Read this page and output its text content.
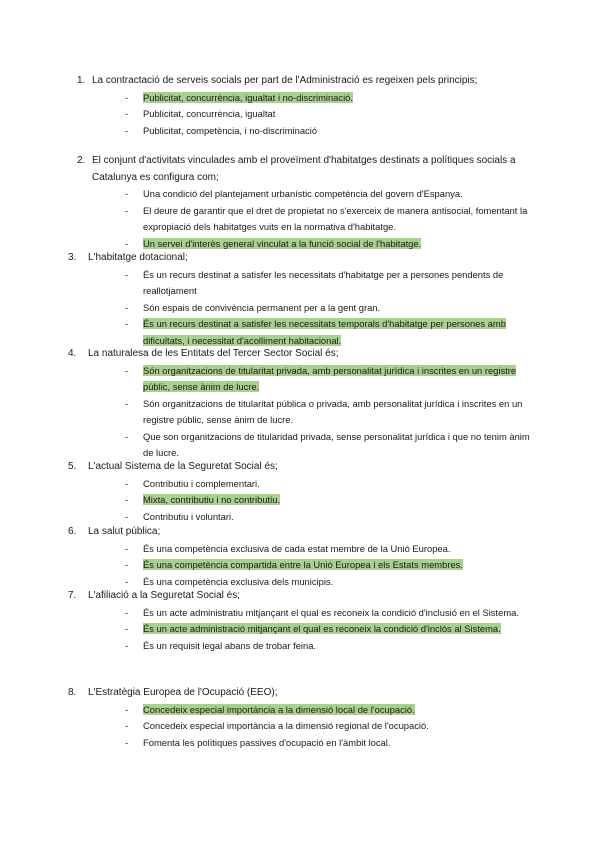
1. La contractació de serveis socials per part de l'Administració es regeixen pels principis;
- Publicitat, concurrència, igualtat i no-discriminació.
- Publicitat, concurrència, igualtat
- Publicitat, competència, i no-discriminació
2. El conjunt d'activitats vinculades amb el proveïment d'habitatges destinats a polítiques socials a Catalunya es configura com;
- Una condició del plantejament urbanístic competència del govern d'Espanya.
- El deure de garantir que el dret de propietat no s'exerceix de manera antisocial, fomentant la expropiació dels habitatges vuits en la normativa d'habitatge.
- Un servei d'interès general vinculat a la funció social de l'habitatge.
3. L'habitatge dotacional;
- És un recurs destinat a satisfer les necessitats d'habitatge per a persones pendents de reallotjament
- Són espais de convivència permanent per a la gent gran.
- És un recurs destinat a satisfer les necessitats temporals d'habitatge per persones amb dificultats, i necessitat d'acolliment habitacional.
4. La naturalesa de les Entitats del Tercer Sector Social és;
- Són organitzacions de titularitat privada, amb personalitat jurídica i inscrites en un registre públic, sense ànim de lucre.
- Són organitzacions de titularitat pública o privada, amb personalitat jurídica i inscrites en un registre públic, sense ànim de lucre.
- Que son organitzacions de titularidad privada, sense personalitat jurídica i que no tenim ànim de lucre.
5. L'actual Sistema de la Seguretat Social és;
- Contributiu i complementari.
- Mixta, contributiu i no contributiu.
- Contributiu i voluntari.
6. La salut pública;
- És una competència exclusiva de cada estat membre de la Unió Europea.
- És una competència compartida entre la Unió Europea i els Estats membres.
- És una competència exclusiva dels municipis.
7. L'afiliació a la Seguretat Social és;
- És un acte administratiu mitjançant el qual es reconeix la condició d'inclusió en el Sistema.
- És un acte administració mitjançant el qual es reconeix la condició d'inclòs al Sistema.
- És un requisit legal abans de trobar feina.
8. L'Estratègia Europea de l'Ocupació (EEO);
- Concedeix especial importància a la dimensió local de l'ocupació.
- Concedeix especial importància a la dimensió regional de l'ocupació.
- Fomenta les polítiques passives d'ocupació en l'àmbit local.
